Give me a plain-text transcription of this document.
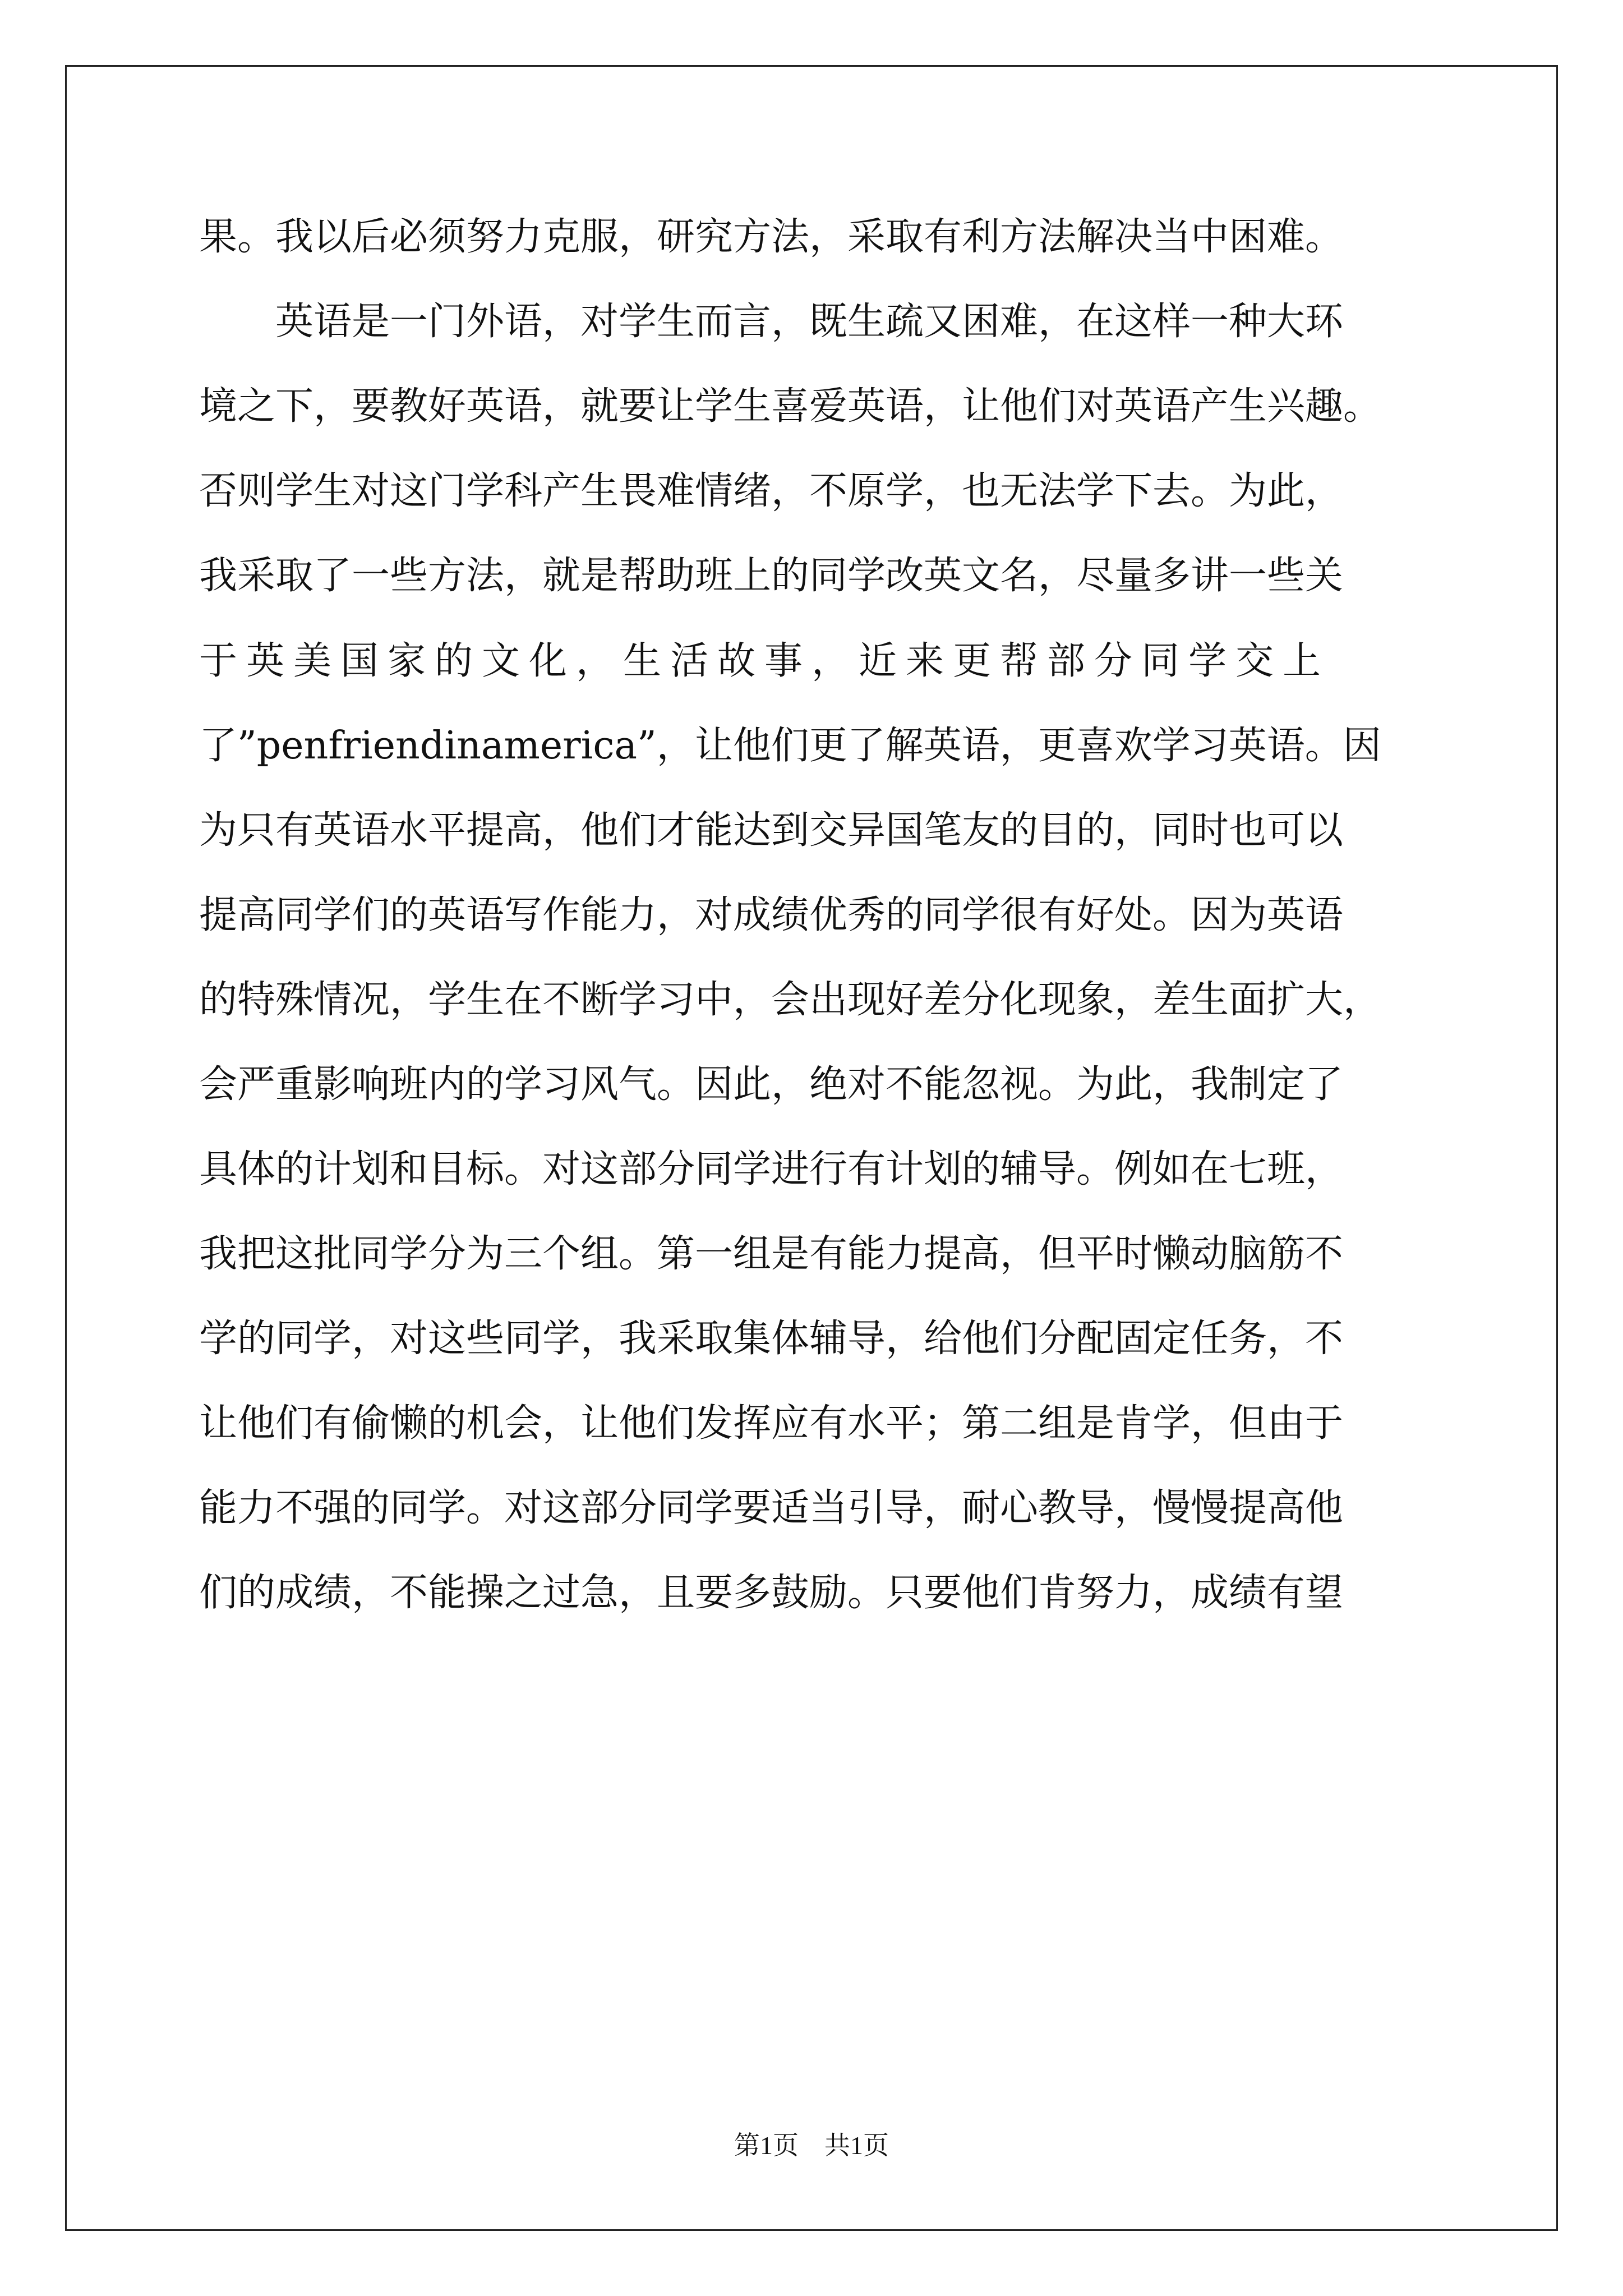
果。我以后必须努力克服，研究方法，采取有利方法解决当中困难。
英语是一门外语，对学生而言，既生疏又困难，在这样一种大环
境之下，要教好英语，就要让学生喜爱英语，让他们对英语产生兴趣。
否则学生对这门学科产生畏难情绪，不原学，也无法学下去。为此，
我采取了一些方法，就是帮助班上的同学改英文名，尽量多讲一些关
于英美国家的文化，生活故事，近来更帮部分同学交上
了”penfriendinamerica”，让他们更了解英语，更喜欢学习英语。因
为只有英语水平提高，他们才能达到交异国笔友的目的，同时也可以
提高同学们的英语写作能力，对成绩优秀的同学很有好处。因为英语
的特殊情况，学生在不断学习中，会出现好差分化现象，差生面扩大，
会严重影响班内的学习风气。因此，绝对不能忽视。为此，我制定了
具体的计划和目标。对这部分同学进行有计划的辅导。例如在七班，
我把这批同学分为三个组。第一组是有能力提高，但平时懒动脑筋不
学的同学，对这些同学，我采取集体辅导，给他们分配固定任务，不
让他们有偷懒的机会，让他们发挥应有水平；第二组是肯学，但由于
能力不强的同学。对这部分同学要适当引导，耐心教导，慢慢提高他
们的成绩，不能操之过急，且要多鼓励。只要他们肯努力，成绩有望
第1页　共1页
